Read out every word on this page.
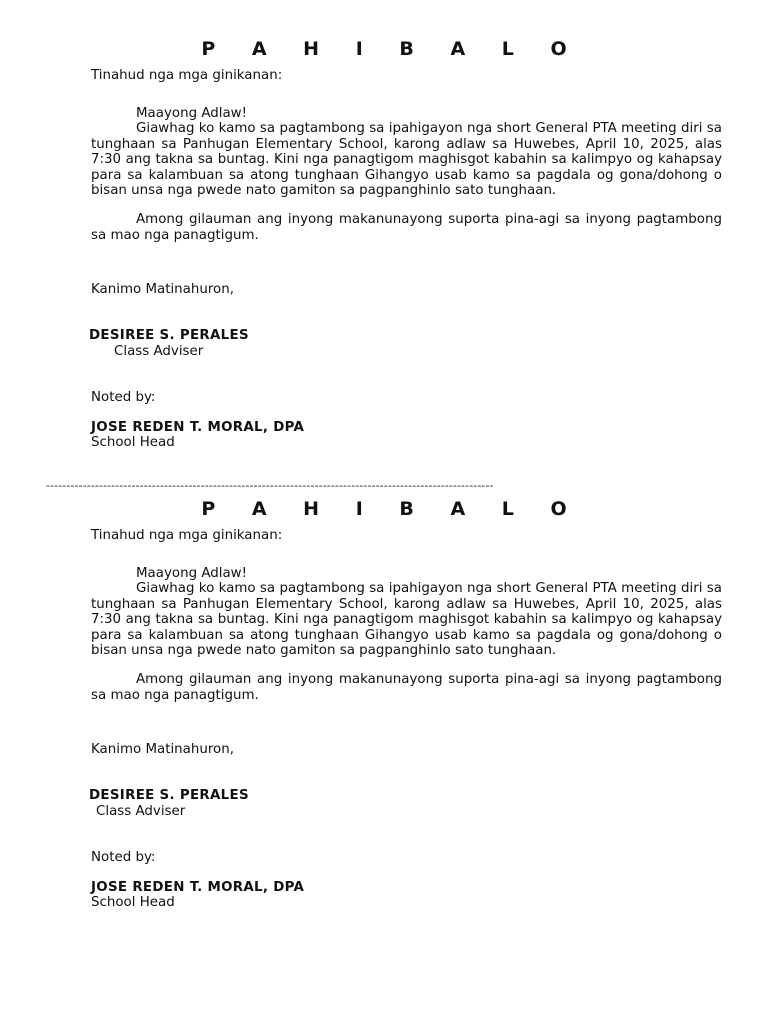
P A H I B A L O

Tinahud nga mga ginikanan:

Maayong Adlaw!

Giawhag ko kamo sa pagtambong sa ipahigayon nga short General PTA meeting diri sa tunghaan sa Panhugan Elementary School, karong adlaw sa Huwebes, April 10, 2025, alas 7:30 ang takna sa buntag. Kini nga panagtigom maghisgot kabahin sa kalimpyo og kahapsay para sa kalambuan sa atong tunghaan Gihangyo usab kamo sa pagdala og gona/dohong o bisan unsa nga pwede nato gamiton sa pagpanghinlo sato tunghaan.

Among gilauman ang inyong makanunayong suporta pina-agi sa inyong pagtambong sa mao nga panagtigum.

Kanimo Matinahuron,

DESIREE S. PERALES

Class Adviser

Noted by:

JOSE REDEN T. MORAL, DPA

School Head

--------------------------------------------------------------------------------------------------------------
P A H I B A L O

Tinahud nga mga ginikanan:

Maayong Adlaw!

Giawhag ko kamo sa pagtambong sa ipahigayon nga short General PTA meeting diri sa tunghaan sa Panhugan Elementary School, karong adlaw sa Huwebes, April 10, 2025, alas 7:30 ang takna sa buntag. Kini nga panagtigom maghisgot kabahin sa kalimpyo og kahapsay para sa kalambuan sa atong tunghaan Gihangyo usab kamo sa pagdala og gona/dohong o bisan unsa nga pwede nato gamiton sa pagpanghinlo sato tunghaan.

Among gilauman ang inyong makanunayong suporta pina-agi sa inyong pagtambong sa mao nga panagtigum.

Kanimo Matinahuron,

DESIREE S. PERALES

Class Adviser

Noted by:

JOSE REDEN T. MORAL, DPA

School Head
